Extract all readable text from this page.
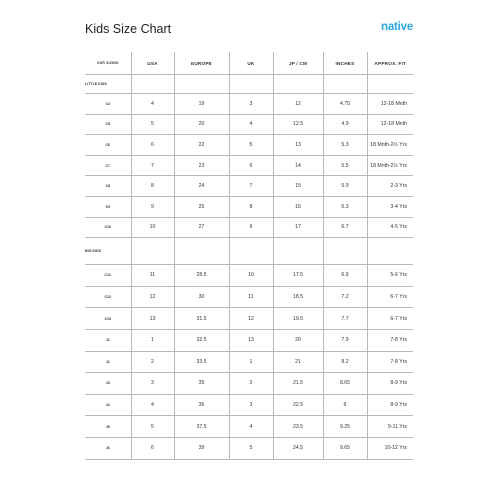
Kids Size Chart	native
OUR SIZING	USA	EUROPE	UK	JP / CM	INCHES	APPROX. FIT
LITTLE KIDS						
C4	4	19	3	12	4.75	12-18 Mnth
C5	5	20	4	12.5	4.9	12-18 Mnth
C6	6	22	5	13	5.3	18 Mnth-2½ Yrs
C7	7	23	6	14	5.5	18 Mnth-2½ Yrs
C8	8	24	7	15	5.9	2-3 Yrs
C9	9	25	8	16	6.3	3-4 Yrs
C10	10	27	9	17	6.7	4-5 Yrs
BIG KIDS						
C11	11	28.5	10	17.5	6.9	5-6 Yrs
C12	12	30	11	18.5	7.2	6-7 Yrs
C13	13	31.5	12	19.5	7.7	6-7 Yrs
J1	1	32.5	13	20	7.9	7-8 Yrs
J2	2	33.5	1	21	8.2	7-8 Yrs
J3	3	35	2	21.5	8.65	8-9 Yrs
J4	4	36	3	22.5	9	8-9 Yrs
J5	5	37.5	4	23.5	9.25	9-11 Yrs
J6	6	39	5	24.5	9.65	10-12 Yrs
